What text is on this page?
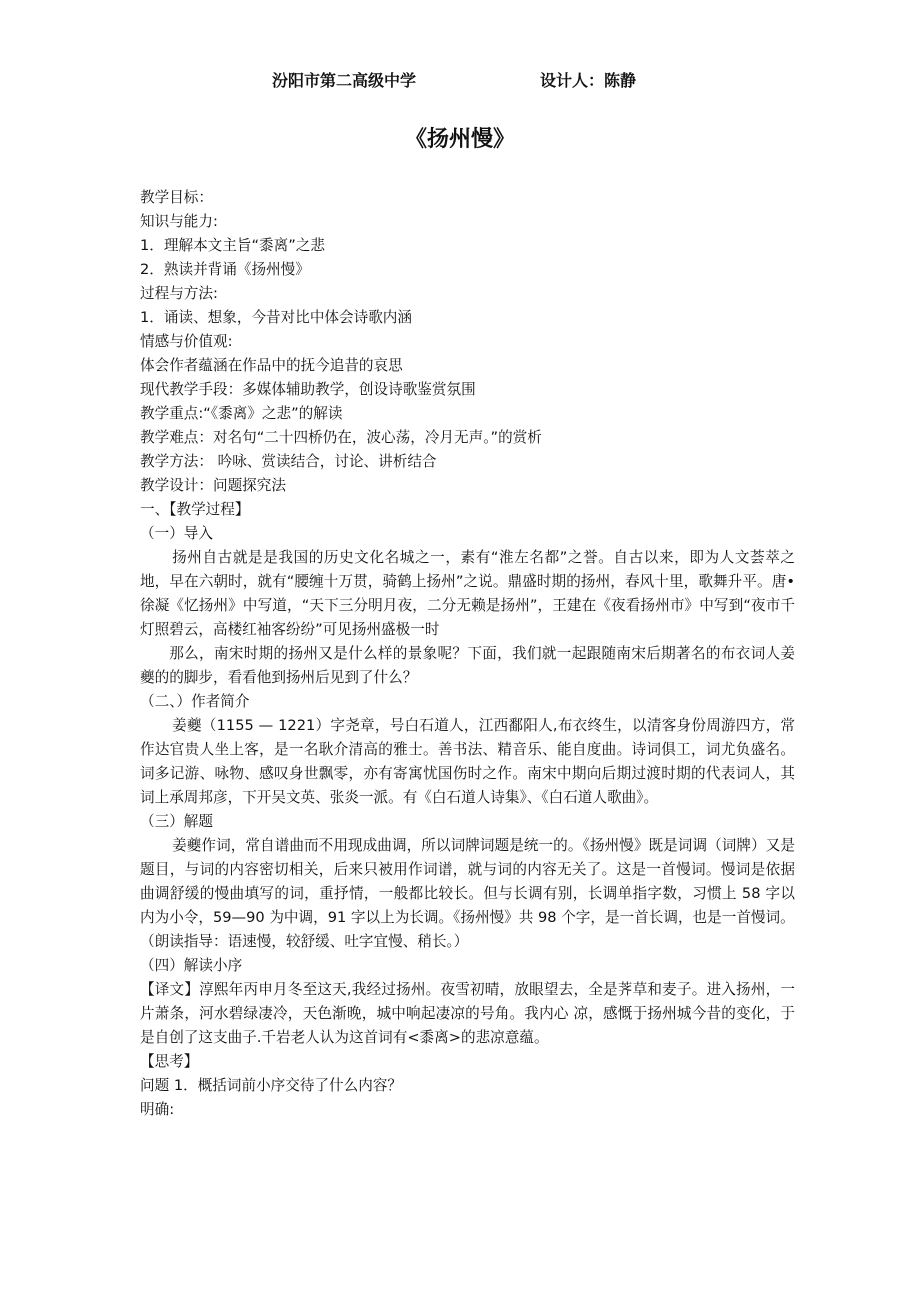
汾阳市第二高级中学	设计人：陈静
《扬州慢》
教学目标：
知识与能力:
1．理解本文主旨“黍离”之悲
2．熟读并背诵《扬州慢》
过程与方法:
1．诵读、想象，今昔对比中体会诗歌内涵
情感与价值观:
体会作者蕴涵在作品中的抚今追昔的哀思
现代教学手段：多媒体辅助教学，创设诗歌鉴赏氛围
教学重点:“《黍离》之悲”的解读
教学难点：对名句“二十四桥仍在，波心荡，冷月无声。”的赏析
教学方法： 吟咏、赏读结合，讨论、讲析结合
教学设计：问题探究法
一、【教学过程】
（一）导入
扬州自古就是是我国的历史文化名城之一，素有“淮左名都”之誉。自古以来，即为人文荟萃之地，早在六朝时，就有“腰缠十万贯，骑鹤上扬州”之说。鼎盛时期的扬州，春风十里，歌舞升平。唐•徐凝《忆扬州》中写道，“天下三分明月夜，二分无赖是扬州”，王建在《夜看扬州市》中写到“夜市千灯照碧云，高楼红袖客纷纷”可见扬州盛极一时
那么，南宋时期的扬州又是什么样的景象呢？下面，我们就一起跟随南宋后期著名的布衣词人姜夔的的脚步，看看他到扬州后见到了什么？
（二、）作者简介
姜夔（1155 — 1221）字尧章，号白石道人，江西鄱阳人,布衣终生，以清客身份周游四方，常作达官贵人坐上客，是一名耿介清高的雅士。善书法、精音乐、能自度曲。诗词俱工，词尤负盛名。词多记游、咏物、感叹身世飘零，亦有寄寓忧国伤时之作。南宋中期向后期过渡时期的代表词人，其词上承周邦彦，下开吴文英、张炎一派。有《白石道人诗集》、《白石道人歌曲》。
（三）解题
姜夔作词，常自谱曲而不用现成曲调，所以词牌词题是统一的。《扬州慢》既是词调（词牌）又是题目，与词的内容密切相关，后来只被用作词谱，就与词的内容无关了。这是一首慢词。慢词是依据曲调舒缓的慢曲填写的词，重抒情，一般都比较长。但与长调有别，长调单指字数，习惯上 58 字以内为小令，59—90 为中调，91 字以上为长调。《扬州慢》共 98 个字，是一首长调，也是一首慢词。
（朗读指导：语速慢，较舒缓、吐字宜慢、稍长。）
（四）解读小序
【译文】淳熙年丙申月冬至这天,我经过扬州。夜雪初晴，放眼望去，全是荠草和麦子。进入扬州，一片萧条，河水碧绿凄冷，天色渐晚，城中响起凄凉的号角。我内心 凉，感慨于扬州城今昔的变化，于是自创了这支曲子.千岩老人认为这首词有<黍离>的悲凉意蕴。
【思考】
问题 1．概括词前小序交待了什么内容？
明确:
